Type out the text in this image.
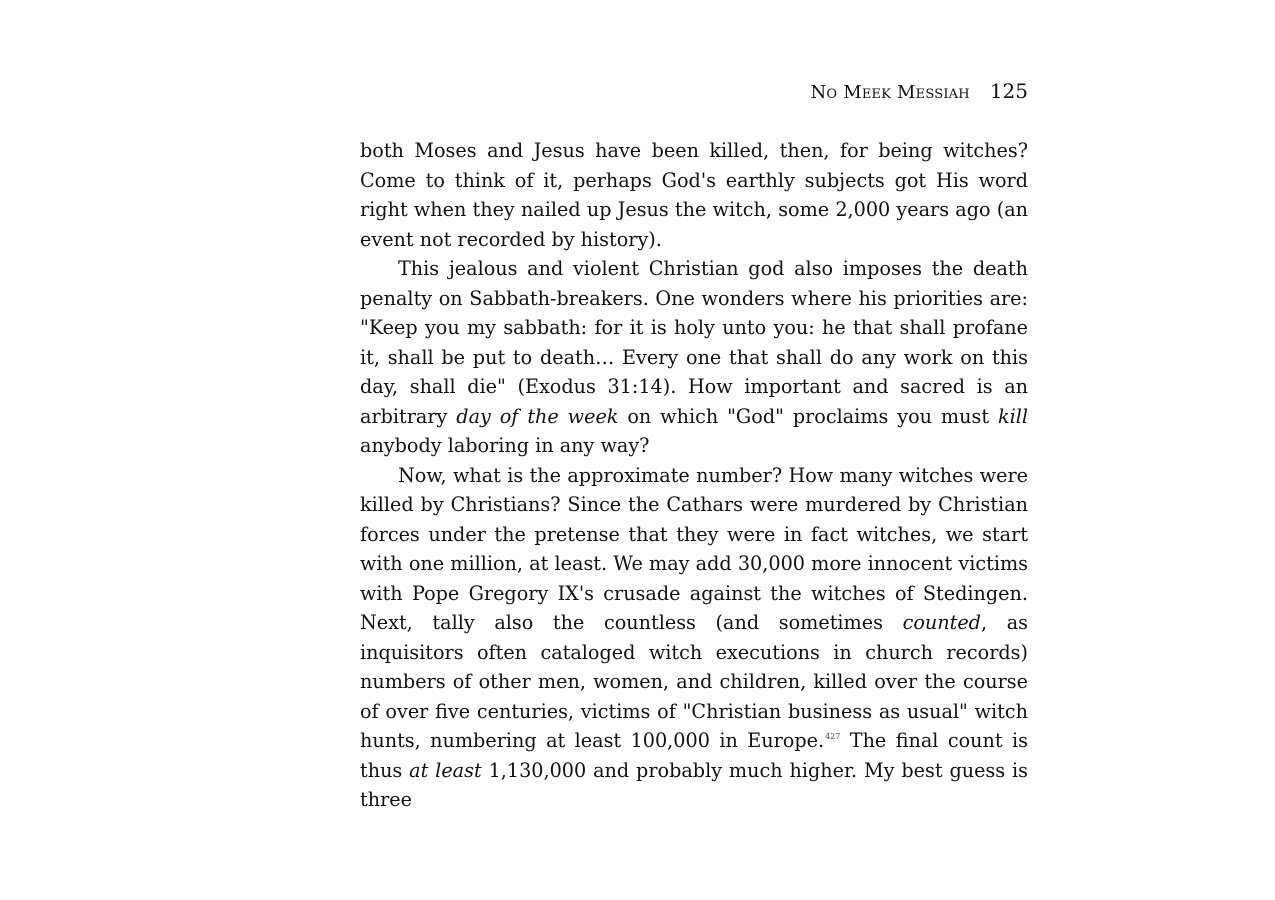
No Meek Messiah 125

both Moses and Jesus have been killed, then, for being witches? Come to think of it, perhaps God's earthly subjects got His word right when they nailed up Jesus the witch, some 2,000 years ago (an event not recorded by history).

This jealous and violent Christian god also imposes the death penalty on Sabbath-breakers. One wonders where his priorities are: "Keep you my sabbath: for it is holy unto you: he that shall profane it, shall be put to death… Every one that shall do any work on this day, shall die" (Exodus 31:14). How important and sacred is an arbitrary day of the week on which "God" proclaims you must kill anybody laboring in any way?

Now, what is the approximate number? How many witches were killed by Christians? Since the Cathars were murdered by Christian forces under the pretense that they were in fact witches, we start with one million, at least. We may add 30,000 more innocent victims with Pope Gregory IX's crusade against the witches of Stedingen. Next, tally also the countless (and sometimes counted, as inquisitors often cataloged witch executions in church records) numbers of other men, women, and children, killed over the course of over five centuries, victims of "Christian business as usual" witch hunts, numbering at least 100,000 in Europe.$^{427}$ The final count is thus at least 1,130,000 and probably much higher. My best guess is three
